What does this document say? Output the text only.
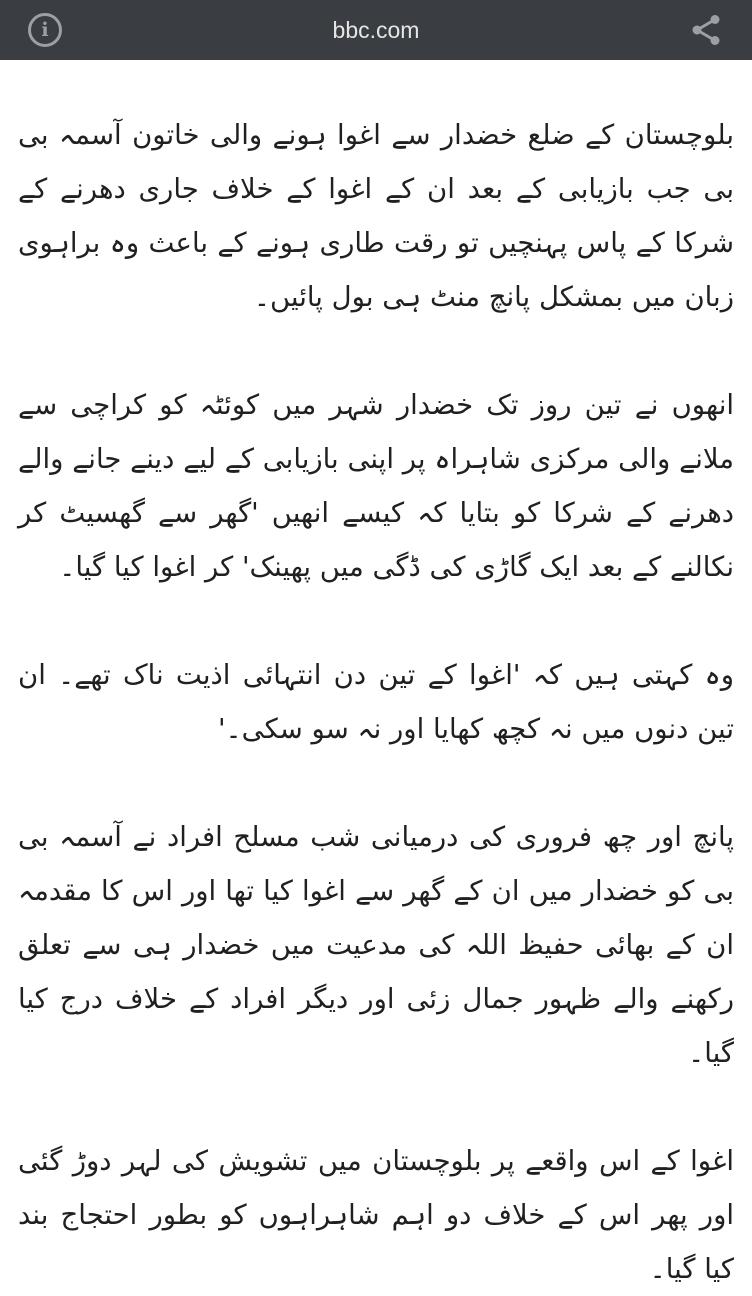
i	bbc.com

بلوچستان کے ضلع خضدار سے اغوا ہونے والی خاتون آسمہ بی بی جب بازیابی کے بعد ان کے اغوا کے خلاف جاری دھرنے کے شرکا کے پاس پہنچیں تو رقت طاری ہونے کے باعث وہ براہوی زبان میں بمشکل پانچ منٹ ہی بول پائیں۔

انھوں نے تین روز تک خضدار شہر میں کوئٹہ کو کراچی سے ملانے والی مرکزی شاہراہ پر اپنی بازیابی کے لیے دینے جانے والے دھرنے کے شرکا کو بتایا کہ کیسے انھیں 'گھر سے گھسیٹ کر نکالنے کے بعد ایک گاڑی کی ڈگی میں پھینک' کر اغوا کیا گیا۔

وہ کہتی ہیں کہ 'اغوا کے تین دن انتہائی اذیت ناک تھے۔ ان تین دنوں میں نہ کچھ کھایا اور نہ سو سکی۔'

پانچ اور چھ فروری کی درمیانی شب مسلح افراد نے آسمہ بی بی کو خضدار میں ان کے گھر سے اغوا کیا تھا اور اس کا مقدمہ ان کے بھائی حفیظ اللہ کی مدعیت میں خضدار ہی سے تعلق رکھنے والے ظہور جمال زئی اور دیگر افراد کے خلاف درج کیا گیا۔

اغوا کے اس واقعے پر بلوچستان میں تشویش کی لہر دوڑ گئی اور پھر اس کے خلاف دو اہم شاہراہوں کو بطور احتجاج بند کیا گیا۔
